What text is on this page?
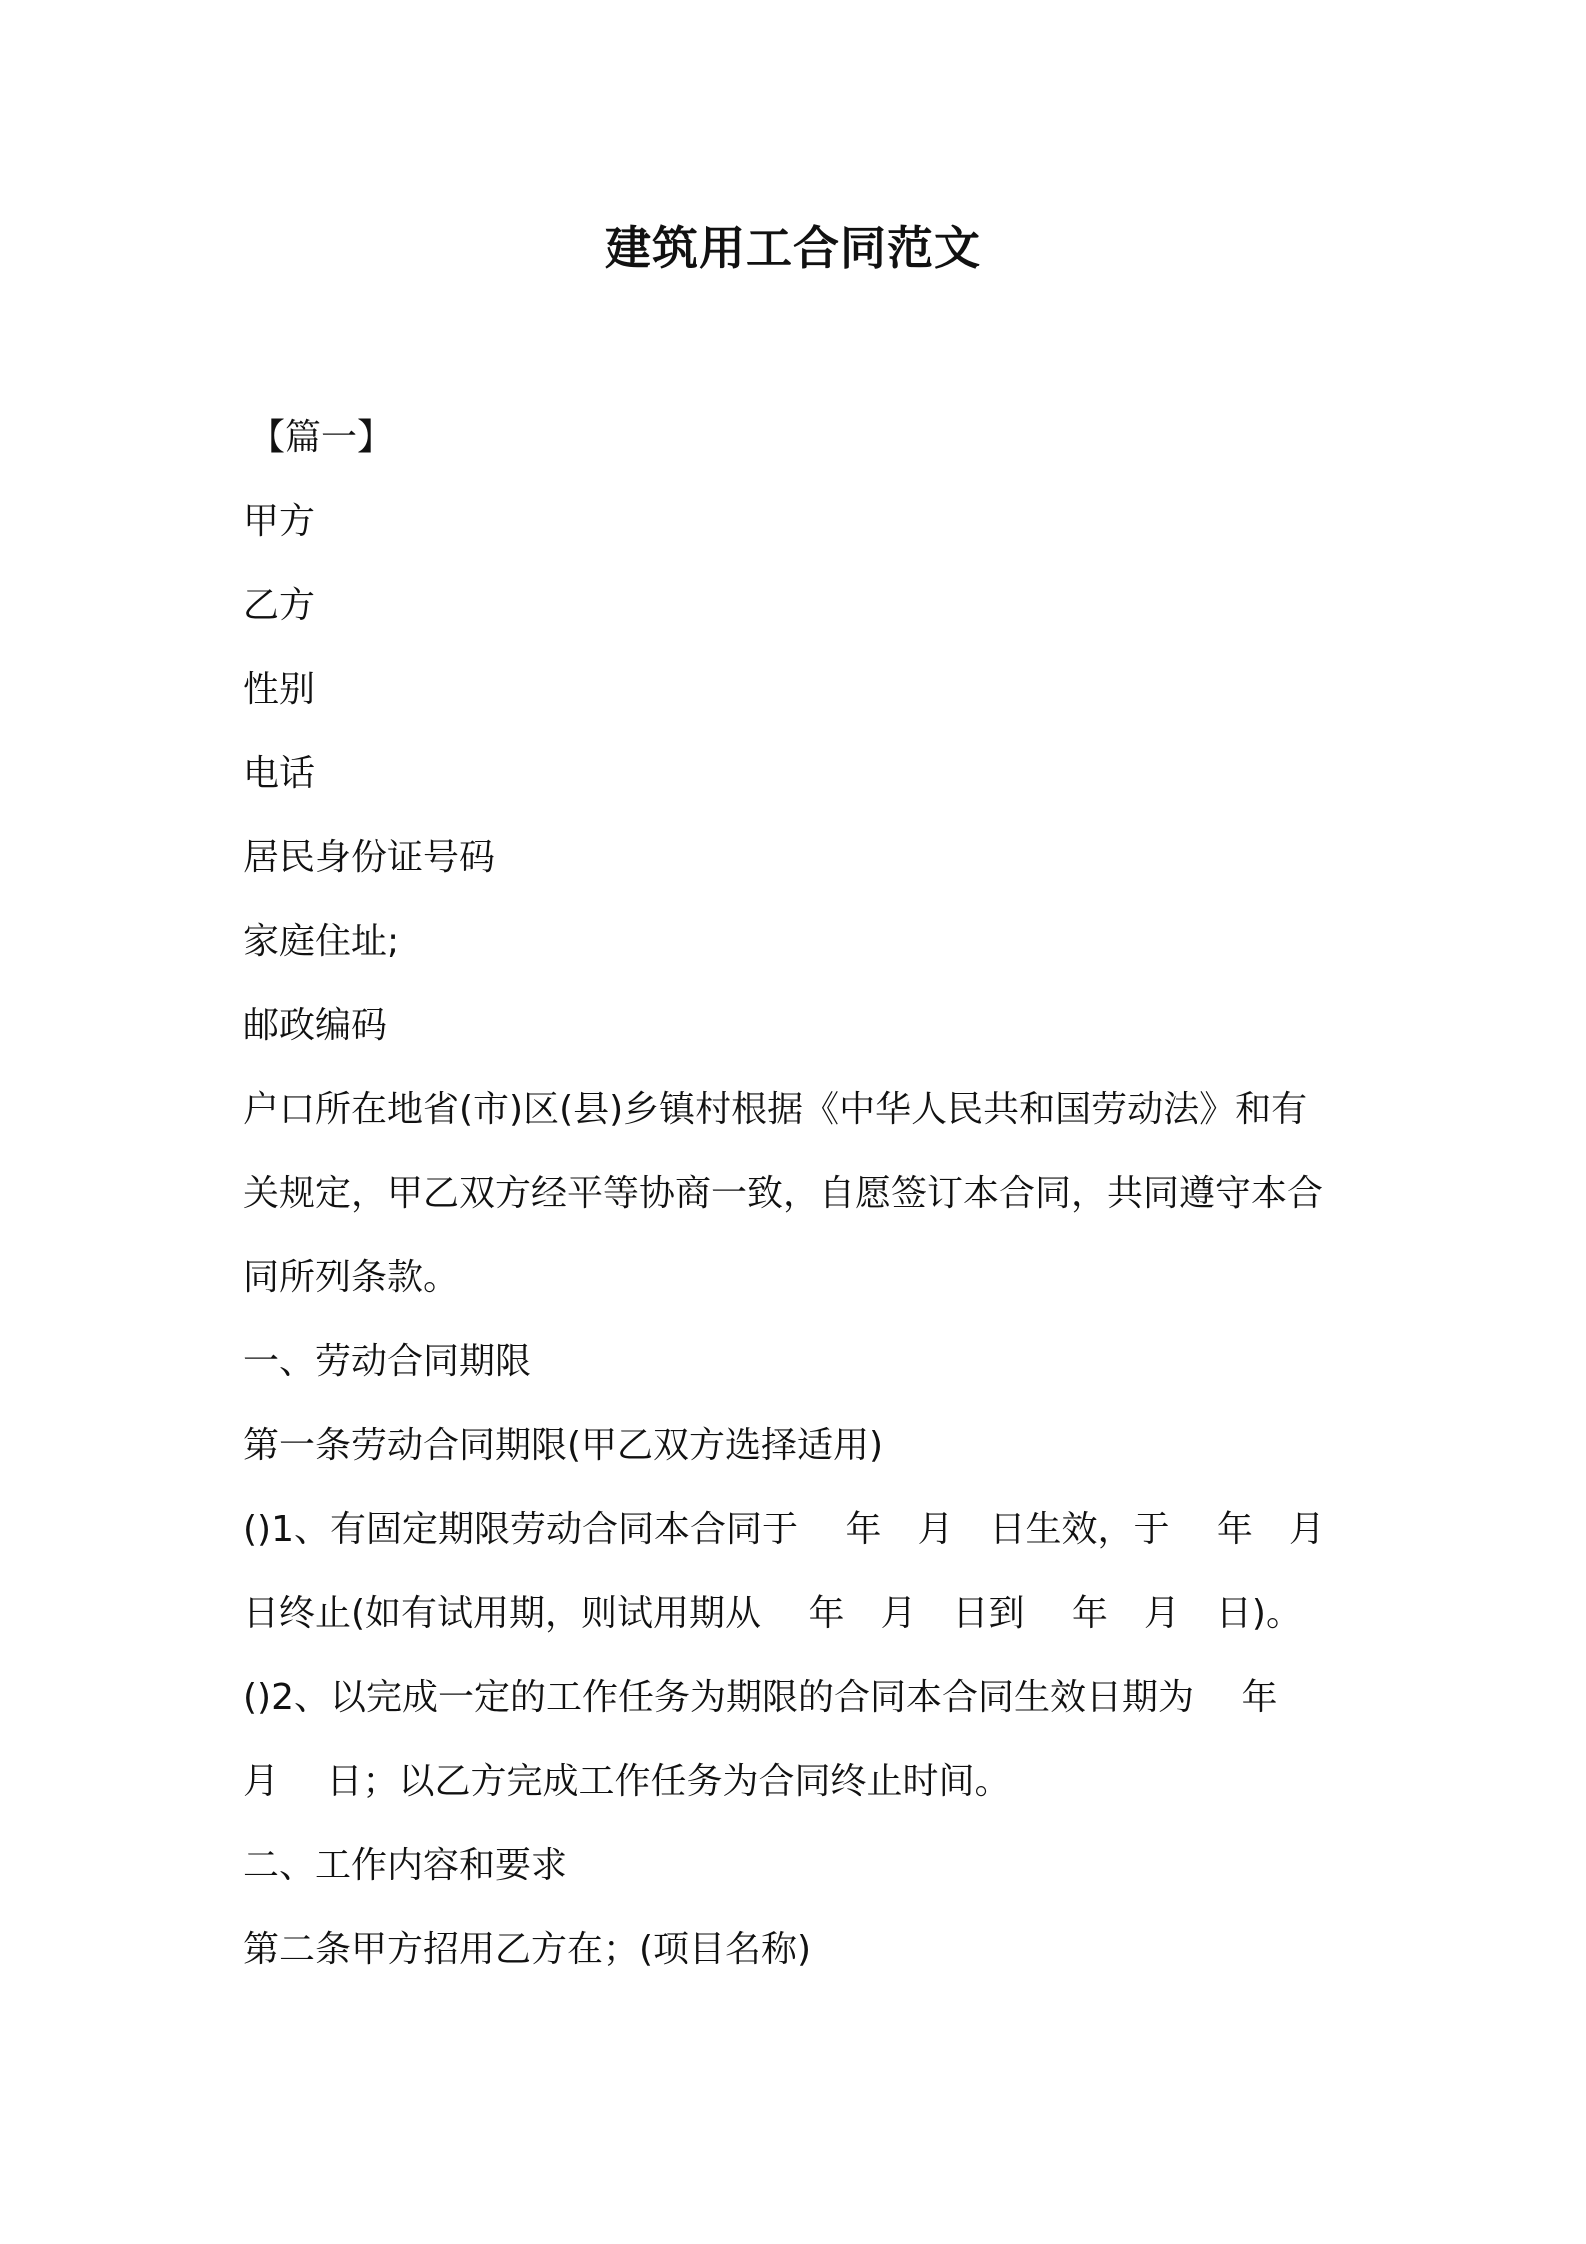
建筑用工合同范文
【篇一】
甲方
乙方
性别
电话
居民身份证号码
家庭住址;
邮政编码
户口所在地省(市)区(县)乡镇村根据《中华人民共和国劳动法》和有
关规定，甲乙双方经平等协商一致，自愿签订本合同，共同遵守本合
同所列条款。
一、劳动合同期限
第一条劳动合同期限(甲乙双方选择适用)
()1、有固定期限劳动合同本合同于　 年　月　日生效，于　 年　月
日终止(如有试用期，则试用期从　 年　月　日到　 年　月　日)。
()2、以完成一定的工作任务为期限的合同本合同生效日期为　 年
月　 日；以乙方完成工作任务为合同终止时间。
二、工作内容和要求
第二条甲方招用乙方在；(项目名称)
